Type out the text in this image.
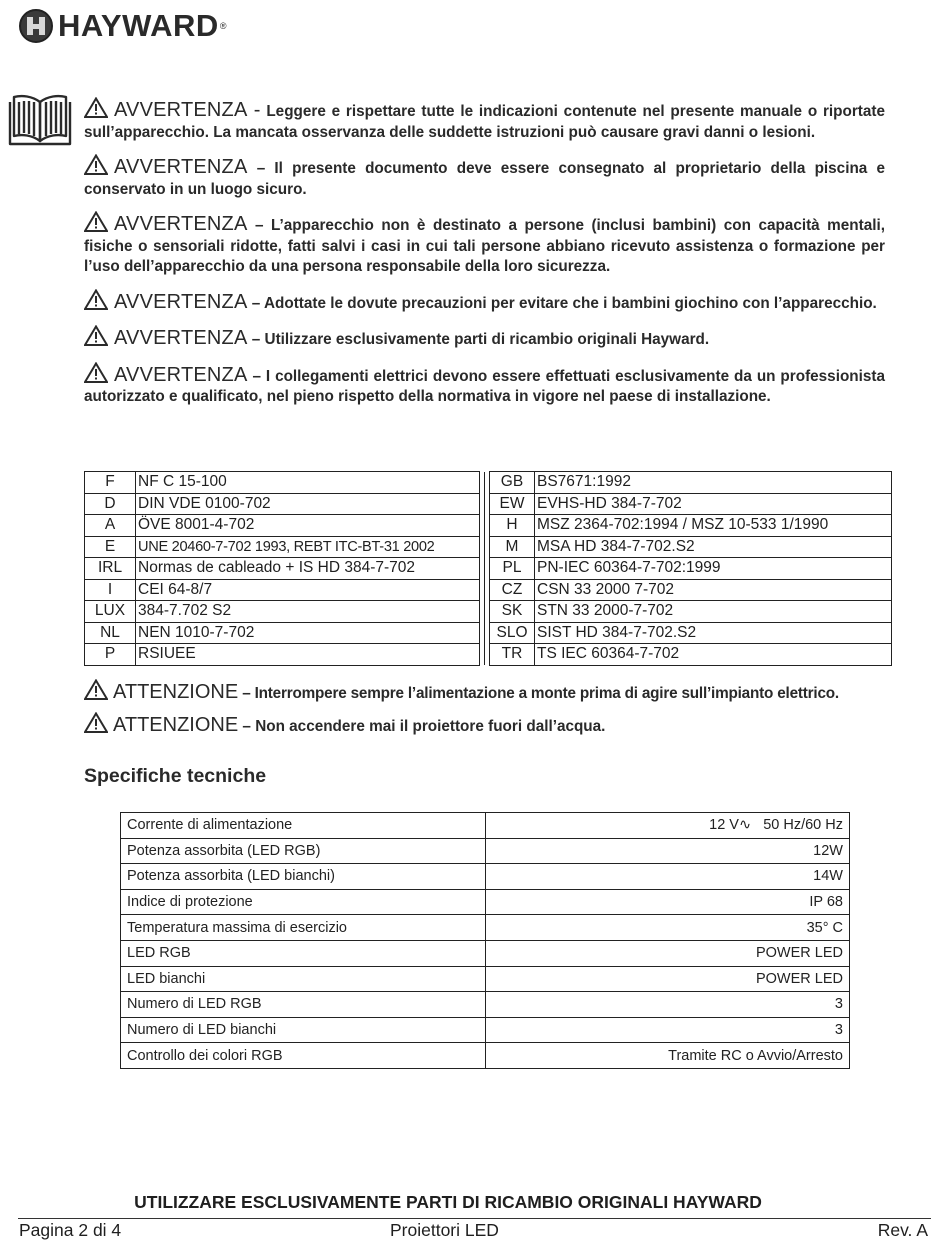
HAYWARD®

AVVERTENZA - Leggere e rispettare tutte le indicazioni contenute nel presente manuale o riportate sull’apparecchio. La mancata osservanza delle suddette istruzioni può causare gravi danni o lesioni.

AVVERTENZA – Il presente documento deve essere consegnato al proprietario della piscina e conservato in un luogo sicuro.

AVVERTENZA – L’apparecchio non è destinato a persone (inclusi bambini) con capacità mentali, fisiche o sensoriali ridotte, fatti salvi i casi in cui tali persone abbiano ricevuto assistenza o formazione per l’uso dell’apparecchio da una persona responsabile della loro sicurezza.

AVVERTENZA – Adottate le dovute precauzioni per evitare che i bambini giochino con l’apparecchio.

AVVERTENZA – Utilizzare esclusivamente parti di ricambio originali Hayward.

AVVERTENZA – I collegamenti elettrici devono essere effettuati esclusivamente da un professionista autorizzato e qualificato, nel pieno rispetto della normativa in vigore nel paese di installazione.

F	NF C 15-100			GB	BS7671:1992
D	DIN VDE 0100-702			EW	EVHS-HD 384-7-702
A	ÖVE 8001-4-702			H	MSZ 2364-702:1994 / MSZ 10-533 1/1990
E	UNE 20460-7-702 1993, REBT ITC-BT-31 2002			M	MSA HD 384-7-702.S2
IRL	Normas de cableado + IS HD 384-7-702			PL	PN-IEC 60364-7-702:1999
I	CEI 64-8/7			CZ	CSN 33 2000 7-702
LUX	384-7.702 S2			SK	STN 33 2000-7-702
NL	NEN 1010-7-702			SLO	SIST HD 384-7-702.S2
P	RSIUEE			TR	TS IEC 60364-7-702
ATTENZIONE – Interrompere sempre l’alimentazione a monte prima di agire sull’impianto elettrico.
ATTENZIONE – Non accendere mai il proiettore fuori dall’acqua.
Specifiche tecniche
Corrente di alimentazione	12 V∿   50 Hz/60 Hz
Potenza assorbita (LED RGB)	12W
Potenza assorbita (LED bianchi)	14W
Indice di protezione	IP 68
Temperatura massima di esercizio	35° C
LED RGB	POWER LED
LED bianchi	POWER LED
Numero di LED RGB	3
Numero di LED bianchi	3
Controllo dei colori RGB	Tramite RC o Avvio/Arresto
UTILIZZARE ESCLUSIVAMENTE PARTI DI RICAMBIO ORIGINALI HAYWARD
Pagina 2 di 4	Proiettori LED	Rev. A
